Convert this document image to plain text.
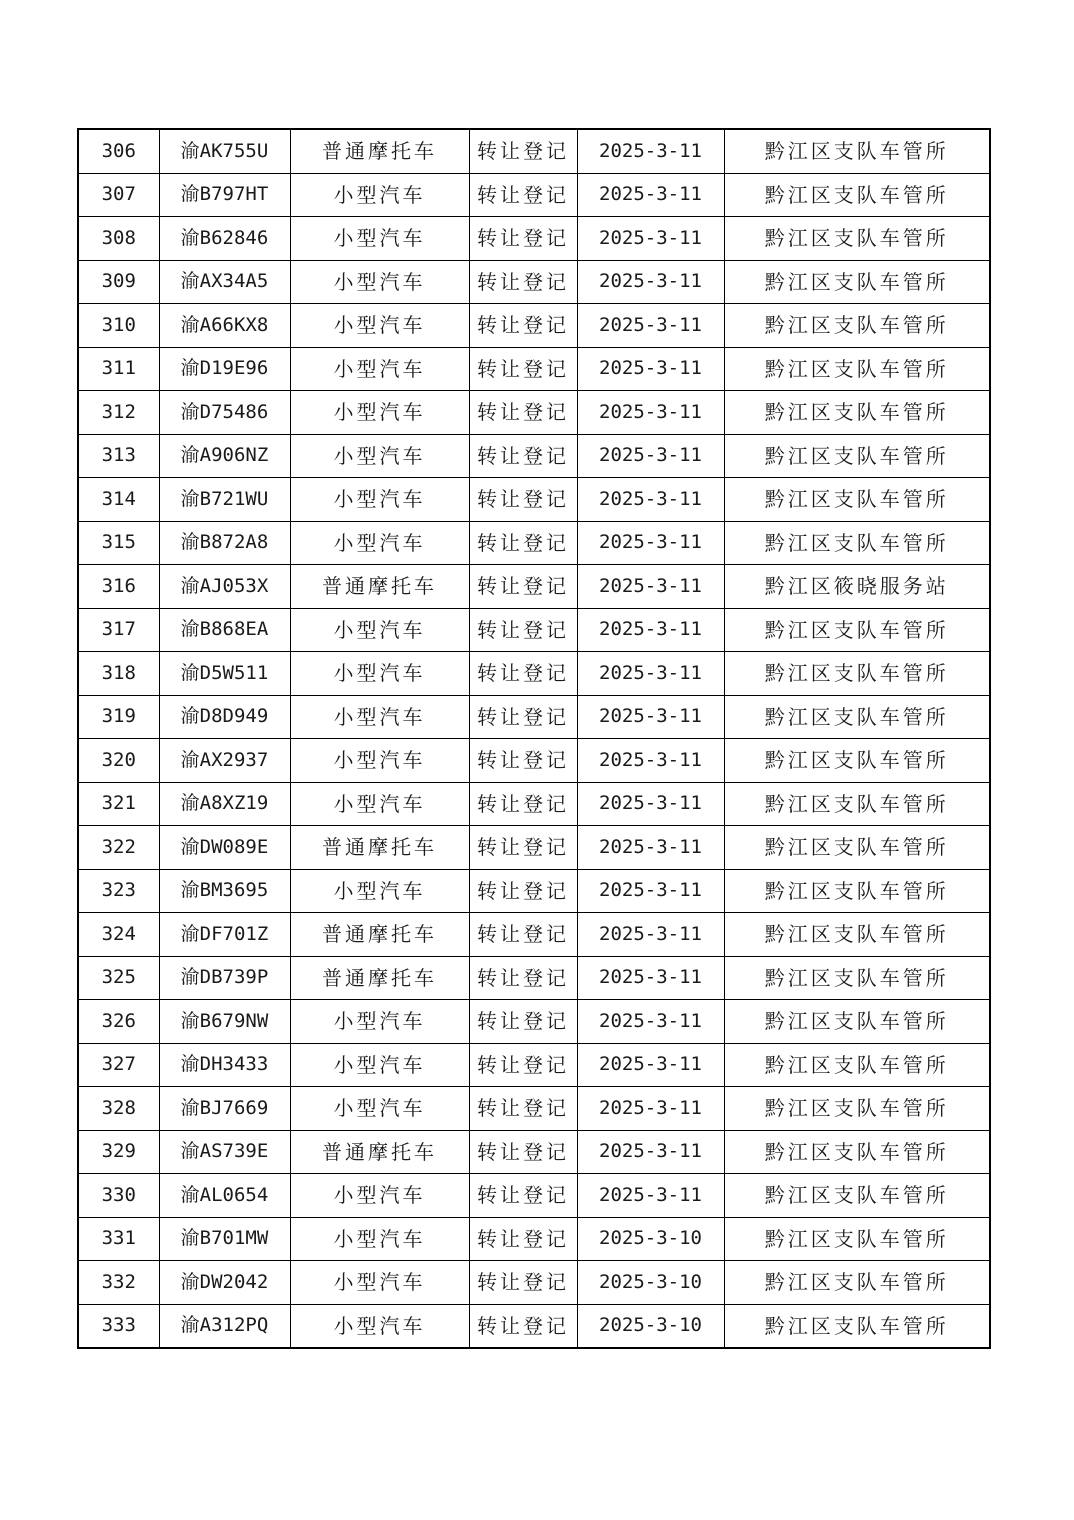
306	渝AK755U	普通摩托车	转让登记	2025-3-11	黔江区支队车管所
307	渝B797HT	小型汽车	转让登记	2025-3-11	黔江区支队车管所
308	渝B62846	小型汽车	转让登记	2025-3-11	黔江区支队车管所
309	渝AX34A5	小型汽车	转让登记	2025-3-11	黔江区支队车管所
310	渝A66KX8	小型汽车	转让登记	2025-3-11	黔江区支队车管所
311	渝D19E96	小型汽车	转让登记	2025-3-11	黔江区支队车管所
312	渝D75486	小型汽车	转让登记	2025-3-11	黔江区支队车管所
313	渝A906NZ	小型汽车	转让登记	2025-3-11	黔江区支队车管所
314	渝B721WU	小型汽车	转让登记	2025-3-11	黔江区支队车管所
315	渝B872A8	小型汽车	转让登记	2025-3-11	黔江区支队车管所
316	渝AJ053X	普通摩托车	转让登记	2025-3-11	黔江区筱晓服务站
317	渝B868EA	小型汽车	转让登记	2025-3-11	黔江区支队车管所
318	渝D5W511	小型汽车	转让登记	2025-3-11	黔江区支队车管所
319	渝D8D949	小型汽车	转让登记	2025-3-11	黔江区支队车管所
320	渝AX2937	小型汽车	转让登记	2025-3-11	黔江区支队车管所
321	渝A8XZ19	小型汽车	转让登记	2025-3-11	黔江区支队车管所
322	渝DW089E	普通摩托车	转让登记	2025-3-11	黔江区支队车管所
323	渝BM3695	小型汽车	转让登记	2025-3-11	黔江区支队车管所
324	渝DF701Z	普通摩托车	转让登记	2025-3-11	黔江区支队车管所
325	渝DB739P	普通摩托车	转让登记	2025-3-11	黔江区支队车管所
326	渝B679NW	小型汽车	转让登记	2025-3-11	黔江区支队车管所
327	渝DH3433	小型汽车	转让登记	2025-3-11	黔江区支队车管所
328	渝BJ7669	小型汽车	转让登记	2025-3-11	黔江区支队车管所
329	渝AS739E	普通摩托车	转让登记	2025-3-11	黔江区支队车管所
330	渝AL0654	小型汽车	转让登记	2025-3-11	黔江区支队车管所
331	渝B701MW	小型汽车	转让登记	2025-3-10	黔江区支队车管所
332	渝DW2042	小型汽车	转让登记	2025-3-10	黔江区支队车管所
333	渝A312PQ	小型汽车	转让登记	2025-3-10	黔江区支队车管所
